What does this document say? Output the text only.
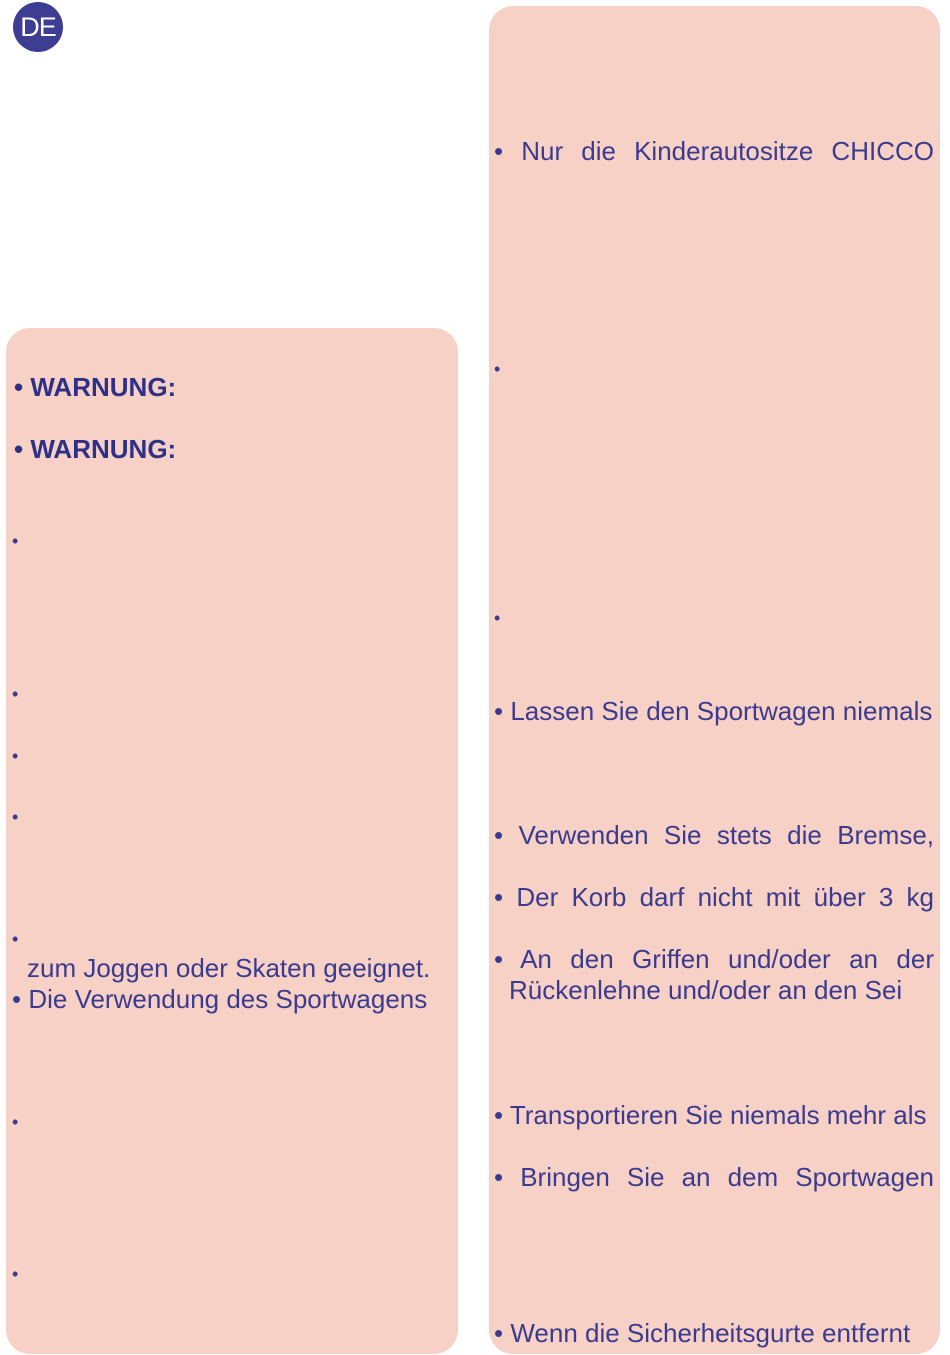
DE
• WARNUNG:
• WARNUNG:
•
•
•
•
•
zum Joggen oder Skaten geeignet.
• Die Verwendung des Sportwagens
•
•
• Nur die Kinderautositze CHICCO
•
•
• Lassen Sie den Sportwagen niemals
• Verwenden Sie stets die Bremse,
• Der Korb darf nicht mit über 3 kg
• An den Griffen und/oder an der
Rückenlehne und/oder an den Sei
• Transportieren Sie niemals mehr als
• Bringen Sie an dem Sportwagen
• Wenn die Sicherheitsgurte entfernt
